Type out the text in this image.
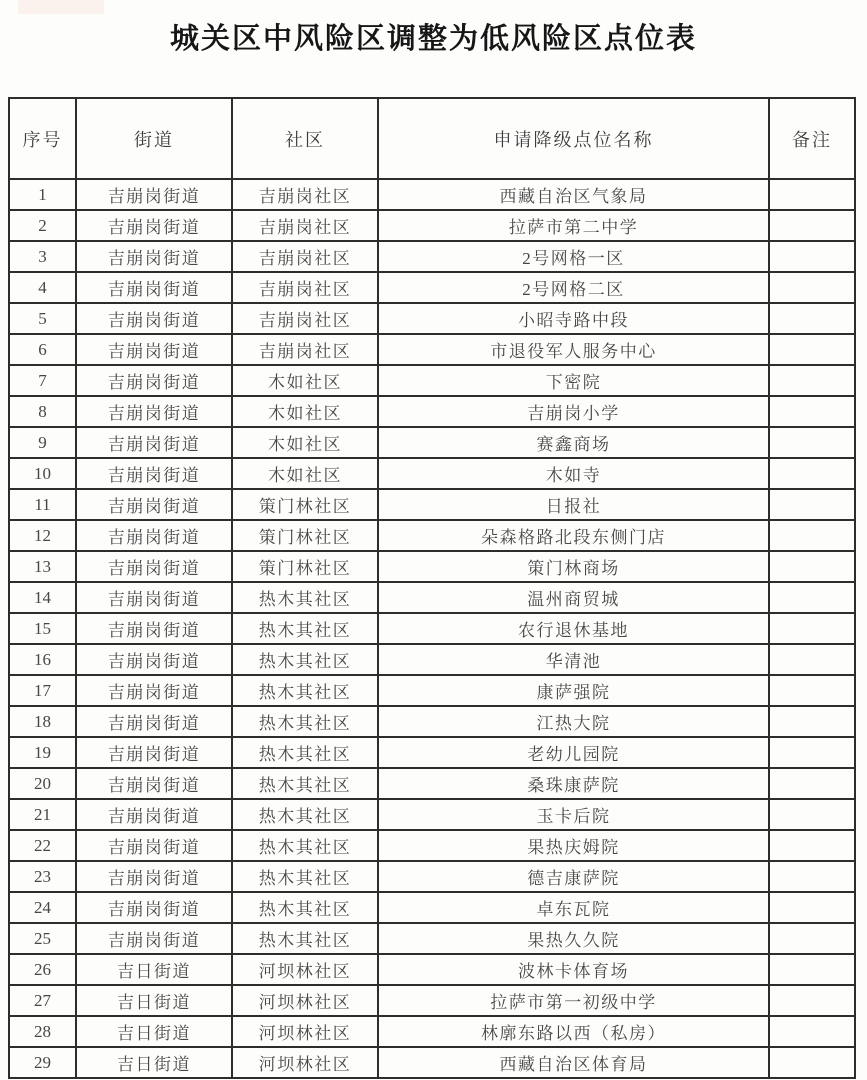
城关区中风险区调整为低风险区点位表
序号	街道	社区	申请降级点位名称	备注
1	吉崩岗街道	吉崩岗社区	西藏自治区气象局	
2	吉崩岗街道	吉崩岗社区	拉萨市第二中学	
3	吉崩岗街道	吉崩岗社区	2号网格一区	
4	吉崩岗街道	吉崩岗社区	2号网格二区	
5	吉崩岗街道	吉崩岗社区	小昭寺路中段	
6	吉崩岗街道	吉崩岗社区	市退役军人服务中心	
7	吉崩岗街道	木如社区	下密院	
8	吉崩岗街道	木如社区	吉崩岗小学	
9	吉崩岗街道	木如社区	赛鑫商场	
10	吉崩岗街道	木如社区	木如寺	
11	吉崩岗街道	策门林社区	日报社	
12	吉崩岗街道	策门林社区	朵森格路北段东侧门店	
13	吉崩岗街道	策门林社区	策门林商场	
14	吉崩岗街道	热木其社区	温州商贸城	
15	吉崩岗街道	热木其社区	农行退休基地	
16	吉崩岗街道	热木其社区	华清池	
17	吉崩岗街道	热木其社区	康萨强院	
18	吉崩岗街道	热木其社区	江热大院	
19	吉崩岗街道	热木其社区	老幼儿园院	
20	吉崩岗街道	热木其社区	桑珠康萨院	
21	吉崩岗街道	热木其社区	玉卡后院	
22	吉崩岗街道	热木其社区	果热庆姆院	
23	吉崩岗街道	热木其社区	德吉康萨院	
24	吉崩岗街道	热木其社区	卓东瓦院	
25	吉崩岗街道	热木其社区	果热久久院	
26	吉日街道	河坝林社区	波林卡体育场	
27	吉日街道	河坝林社区	拉萨市第一初级中学	
28	吉日街道	河坝林社区	林廓东路以西（私房）	
29	吉日街道	河坝林社区	西藏自治区体育局	
